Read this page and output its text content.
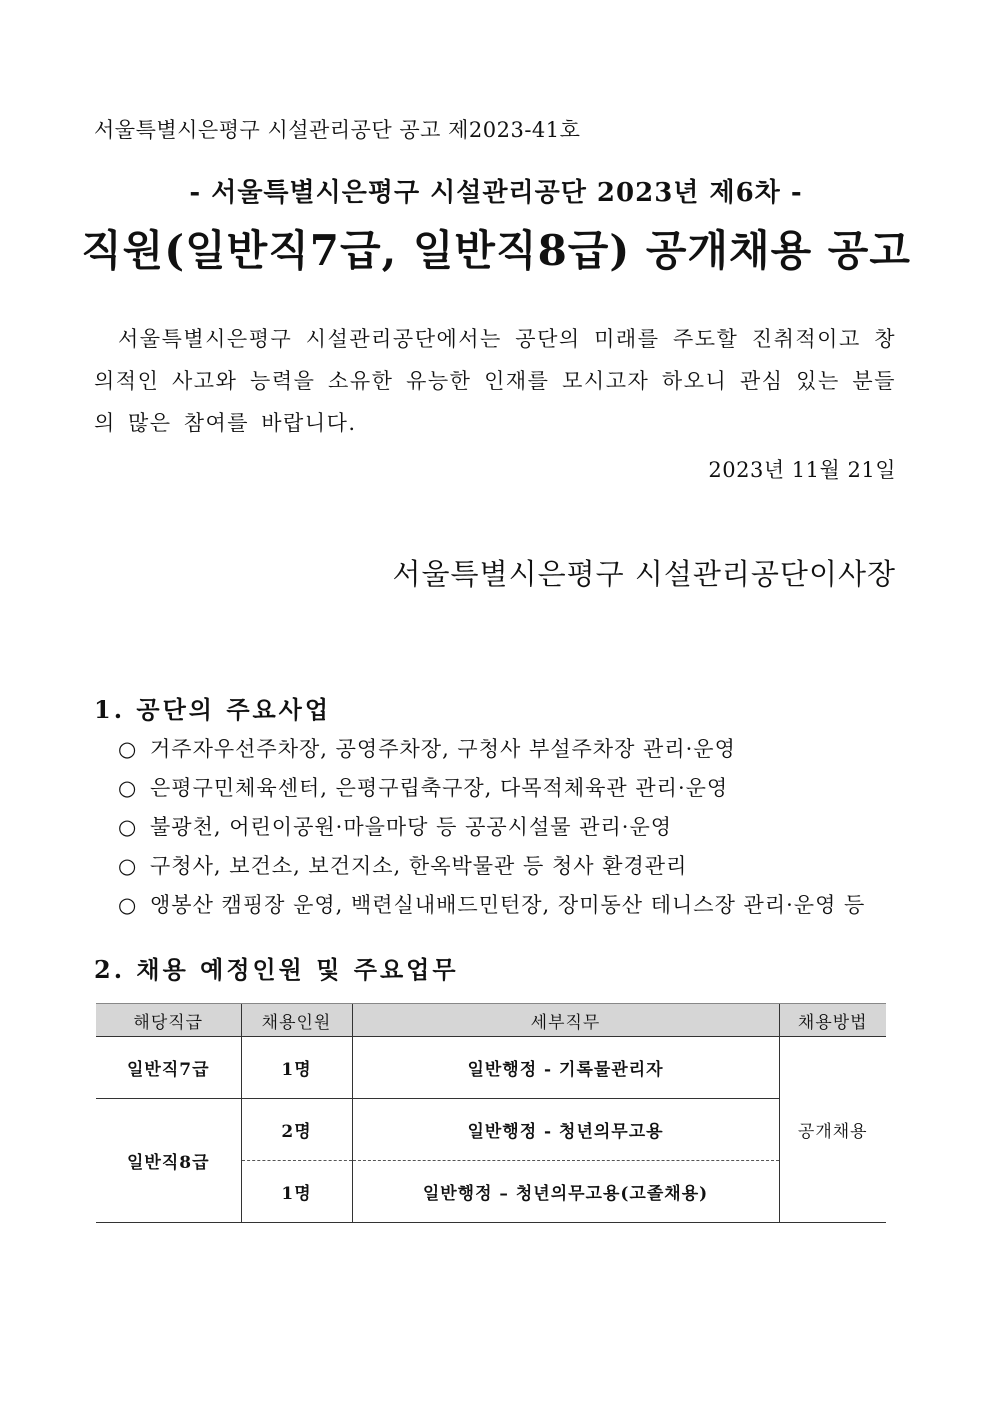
서울특별시은평구 시설관리공단 공고 제2023-41호
- 서울특별시은평구 시설관리공단 2023년 제6차 -
직원(일반직7급, 일반직8급) 공개채용 공고
서울특별시은평구 시설관리공단에서는 공단의 미래를 주도할 진취적이고 창의적인 사고와 능력을 소유한 유능한 인재를 모시고자 하오니 관심 있는 분들의 많은 참여를 바랍니다.
2023년 11월 21일
서울특별시은평구 시설관리공단이사장
1. 공단의 주요사업
○ 거주자우선주차장, 공영주차장, 구청사 부설주차장 관리·운영
○ 은평구민체육센터, 은평구립축구장, 다목적체육관 관리·운영
○ 불광천, 어린이공원·마을마당 등 공공시설물 관리·운영
○ 구청사, 보건소, 보건지소, 한옥박물관 등 청사 환경관리
○ 앵봉산 캠핑장 운영, 백련실내배드민턴장, 장미동산 테니스장 관리·운영 등
2. 채용 예정인원 및 주요업무
해당직급	채용인원	세부직무	채용방법
일반직7급	1명	일반행정 - 기록물관리자	공개채용
일반직8급	2명	일반행정 - 청년의무고용	
	1명	일반행정 – 청년의무고용(고졸채용)	
